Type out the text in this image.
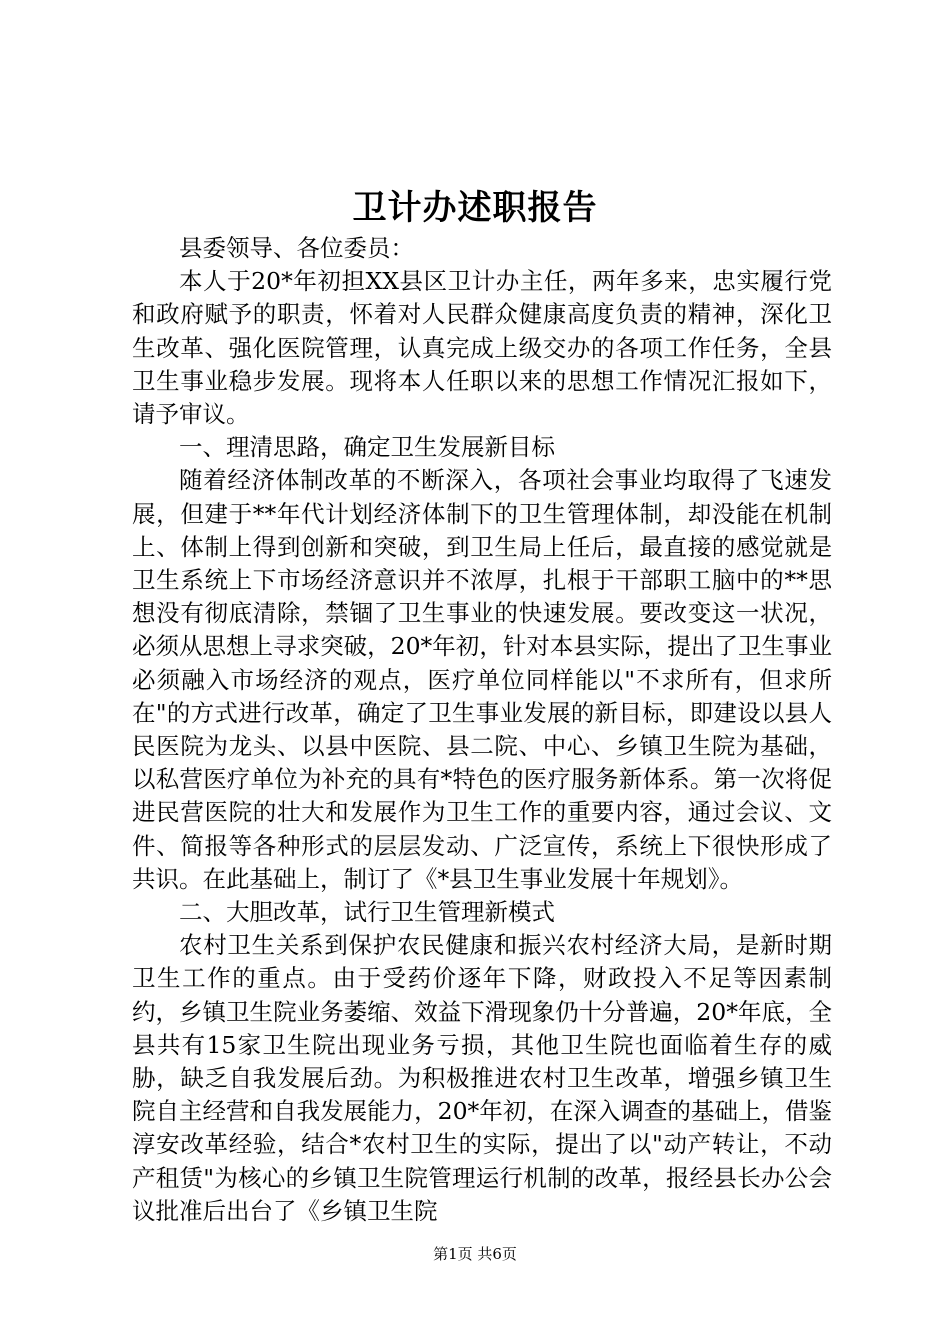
卫计办述职报告

县委领导、各位委员：

本人于20*年初担XX县区卫计办主任，两年多来，忠实履行党和政府赋予的职责，怀着对人民群众健康高度负责的精神，深化卫生改革、强化医院管理，认真完成上级交办的各项工作任务，全县卫生事业稳步发展。现将本人任职以来的思想工作情况汇报如下，请予审议。

一、理清思路，确定卫生发展新目标

随着经济体制改革的不断深入，各项社会事业均取得了飞速发展，但建于**年代计划经济体制下的卫生管理体制，却没能在机制上、体制上得到创新和突破，到卫生局上任后，最直接的感觉就是卫生系统上下市场经济意识并不浓厚，扎根于干部职工脑中的**思想没有彻底清除，禁锢了卫生事业的快速发展。要改变这一状况，必须从思想上寻求突破，20*年初，针对本县实际，提出了卫生事业必须融入市场经济的观点，医疗单位同样能以"不求所有，但求所在"的方式进行改革，确定了卫生事业发展的新目标，即建设以县人民医院为龙头、以县中医院、县二院、中心、乡镇卫生院为基础，以私营医疗单位为补充的具有*特色的医疗服务新体系。第一次将促进民营医院的壮大和发展作为卫生工作的重要内容，通过会议、文件、简报等各种形式的层层发动、广泛宣传，系统上下很快形成了共识。在此基础上，制订了《*县卫生事业发展十年规划》。

二、大胆改革，试行卫生管理新模式

农村卫生关系到保护农民健康和振兴农村经济大局，是新时期卫生工作的重点。由于受药价逐年下降，财政投入不足等因素制约，乡镇卫生院业务萎缩、效益下滑现象仍十分普遍，20*年底，全县共有15家卫生院出现业务亏损，其他卫生院也面临着生存的威胁，缺乏自我发展后劲。为积极推进农村卫生改革，增强乡镇卫生院自主经营和自我发展能力，20*年初，在深入调查的基础上，借鉴淳安改革经验，结合*农村卫生的实际，提出了以"动产转让，不动产租赁"为核心的乡镇卫生院管理运行机制的改革，报经县长办公会议批准后出台了《乡镇卫生院

第1页 共6页
